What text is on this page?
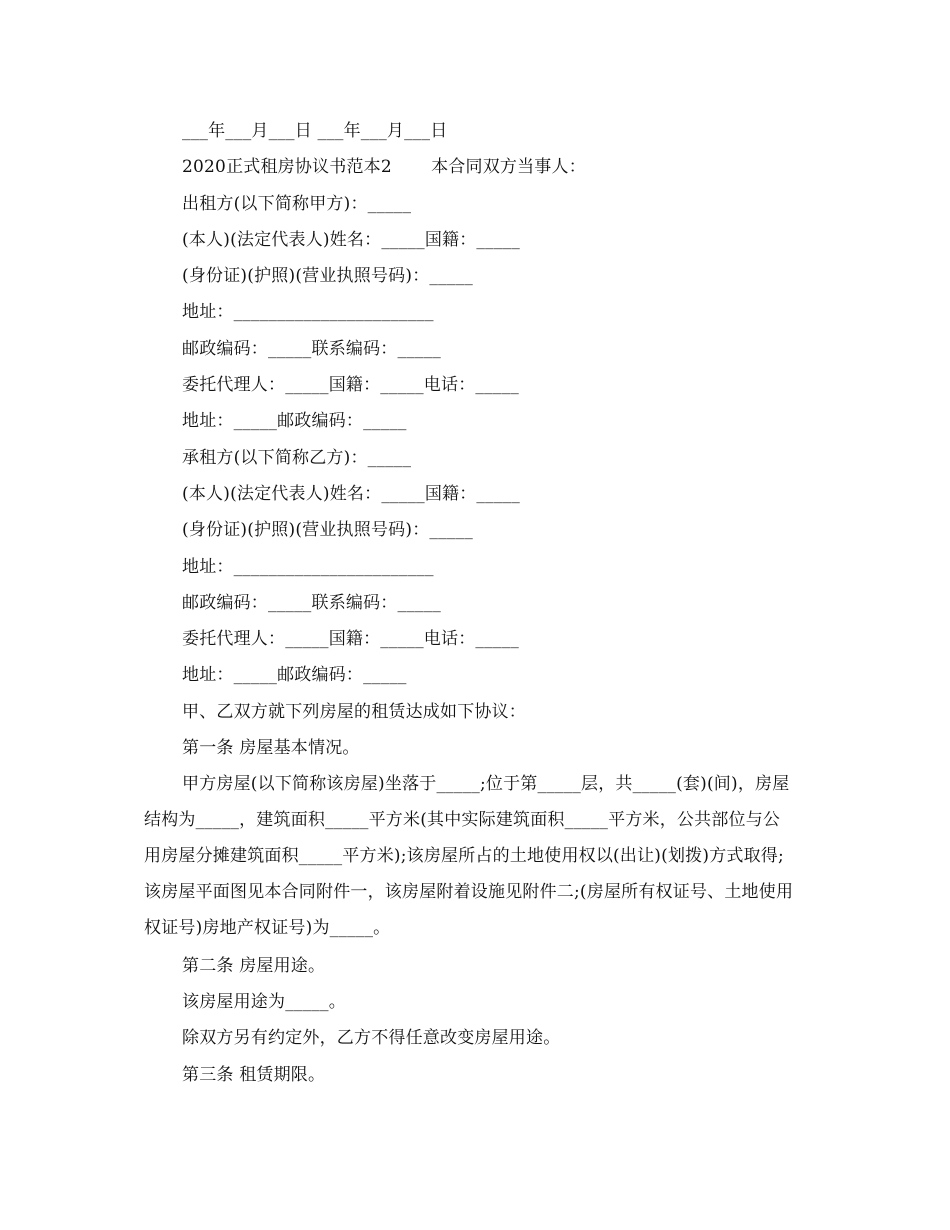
___年___月___日 ___年___月___日
2020正式租房协议书范本2       本合同双方当事人：
出租方(以下简称甲方)：_____
(本人)(法定代表人)姓名：_____国籍：_____
(身份证)(护照)(营业执照号码)：_____
地址：_______________________
邮政编码：_____联系编码：_____
委托代理人：_____国籍：_____电话：_____
地址：_____邮政编码：_____
承租方(以下简称乙方)：_____
(本人)(法定代表人)姓名：_____国籍：_____
(身份证)(护照)(营业执照号码)：_____
地址：_______________________
邮政编码：_____联系编码：_____
委托代理人：_____国籍：_____电话：_____
地址：_____邮政编码：_____
甲、乙双方就下列房屋的租赁达成如下协议：
第一条 房屋基本情况。
甲方房屋(以下简称该房屋)坐落于_____;位于第_____层，共_____(套)(间)，房屋结构为_____，建筑面积_____平方米(其中实际建筑面积_____平方米，公共部位与公用房屋分摊建筑面积_____平方米);该房屋所占的土地使用权以(出让)(划拨)方式取得;该房屋平面图见本合同附件一，该房屋附着设施见附件二;(房屋所有权证号、土地使用权证号)房地产权证号)为_____。
第二条 房屋用途。
该房屋用途为_____。
除双方另有约定外，乙方不得任意改变房屋用途。
第三条 租赁期限。
